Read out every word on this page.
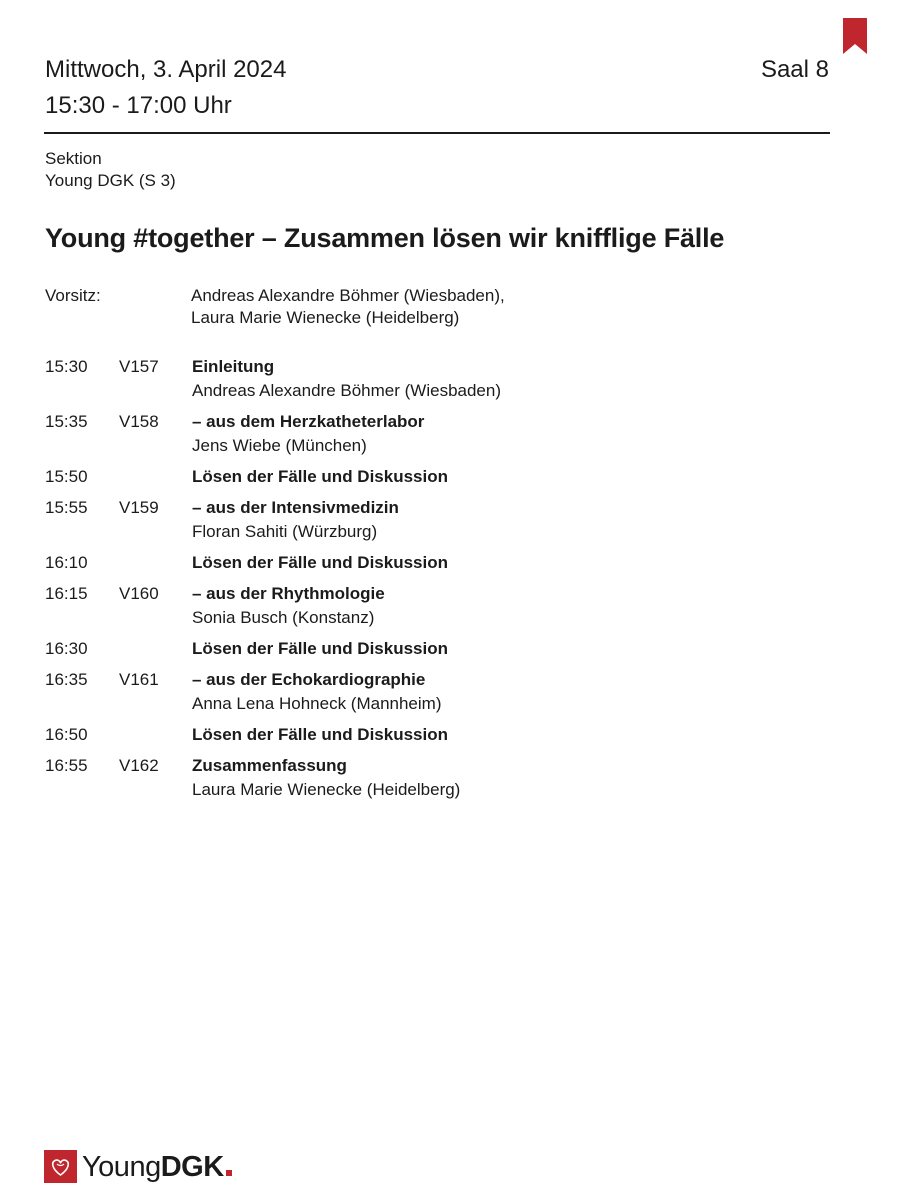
Mittwoch, 3. April 2024
15:30 - 17:00 Uhr
Saal 8
Sektion
Young DGK (S 3)
Young #together – Zusammen lösen wir knifflige Fälle
Vorsitz:	Andreas Alexandre Böhmer (Wiesbaden),
Laura Marie Wienecke (Heidelberg)
15:30 V157 Einleitung
Andreas Alexandre Böhmer (Wiesbaden)
15:35 V158 – aus dem Herzkatheterlabor
Jens Wiebe (München)
15:50	Lösen der Fälle und Diskussion
15:55 V159 – aus der Intensivmedizin
Floran Sahiti (Würzburg)
16:10	Lösen der Fälle und Diskussion
16:15 V160 – aus der Rhythmologie
Sonia Busch (Konstanz)
16:30	Lösen der Fälle und Diskussion
16:35 V161 – aus der Echokardiographie
Anna Lena Hohneck (Mannheim)
16:50	Lösen der Fälle und Diskussion
16:55 V162 Zusammenfassung
Laura Marie Wienecke (Heidelberg)
YoungDGK
